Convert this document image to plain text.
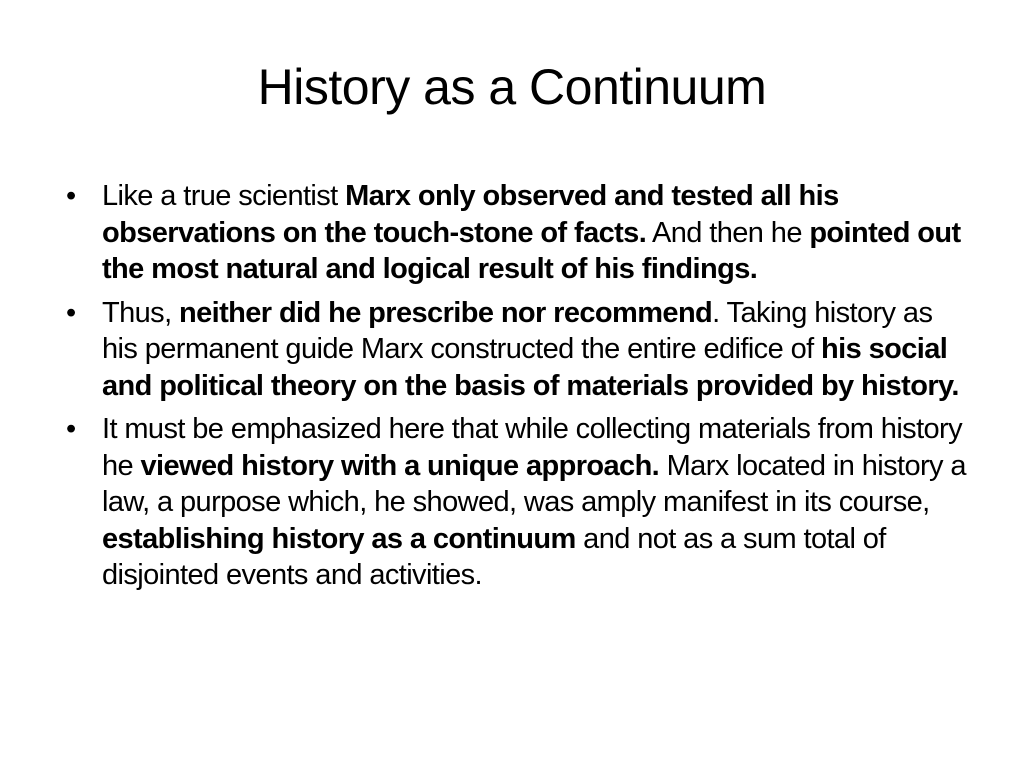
History as a Continuum
• Like a true scientist Marx only observed and tested all his observations on the touch-stone of facts. And then he pointed out the most natural and logical result of his findings.
• Thus, neither did he prescribe nor recommend. Taking history as his permanent guide Marx constructed the entire edifice of his social and political theory on the basis of materials provided by history.
• It must be emphasized here that while collecting materials from history he viewed history with a unique approach. Marx located in history a law, a purpose which, he showed, was amply manifest in its course, establishing history as a continuum and not as a sum total of disjointed events and activities.
